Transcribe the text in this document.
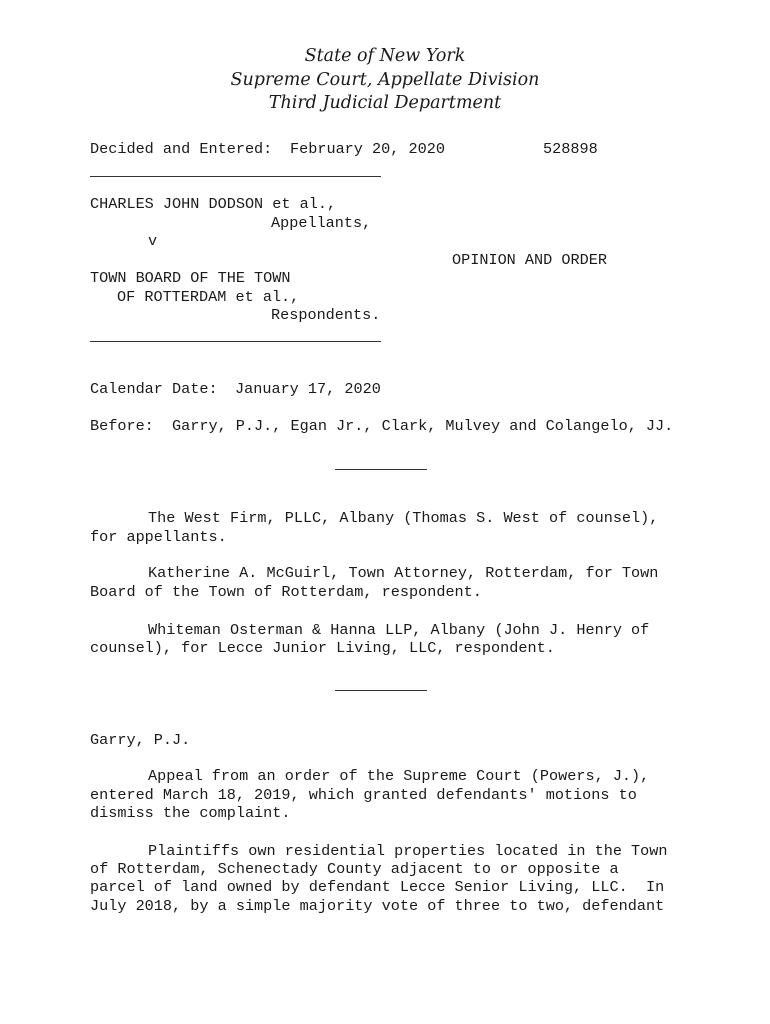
State of New York
Supreme Court, Appellate Division
Third Judicial Department
Decided and Entered: February 20, 2020	528898
CHARLES JOHN DODSON et al.,
Appellants,
v
OPINION AND ORDER
TOWN BOARD OF THE TOWN
OF ROTTERDAM et al.,
Respondents.
Calendar Date: January 17, 2020
Before: Garry, P.J., Egan Jr., Clark, Mulvey and Colangelo, JJ.
The West Firm, PLLC, Albany (Thomas S. West of counsel),
for appellants.
Katherine A. McGuirl, Town Attorney, Rotterdam, for Town
Board of the Town of Rotterdam, respondent.
Whiteman Osterman & Hanna LLP, Albany (John J. Henry of
counsel), for Lecce Junior Living, LLC, respondent.
Garry, P.J.
Appeal from an order of the Supreme Court (Powers, J.),
entered March 18, 2019, which granted defendants' motions to
dismiss the complaint.
Plaintiffs own residential properties located in the Town
of Rotterdam, Schenectady County adjacent to or opposite a
parcel of land owned by defendant Lecce Senior Living, LLC.  In
July 2018, by a simple majority vote of three to two, defendant
